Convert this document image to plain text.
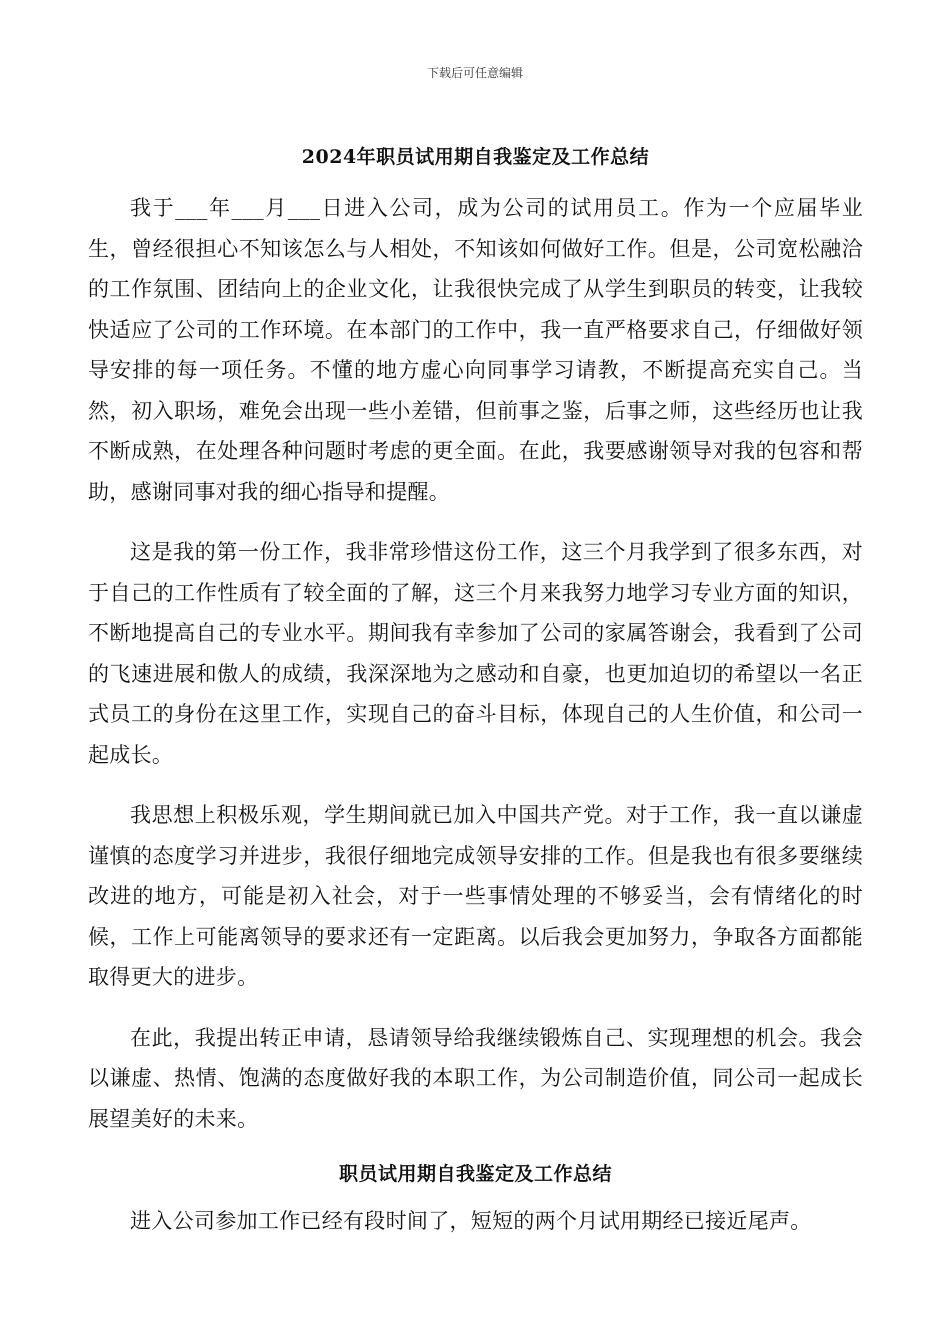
下载后可任意编辑
2024年职员试用期自我鉴定及工作总结

我于___年___月___日进入公司，成为公司的试用员工。作为一个应届毕业生，曾经很担心不知该怎么与人相处，不知该如何做好工作。但是，公司宽松融洽的工作氛围、团结向上的企业文化，让我很快完成了从学生到职员的转变，让我较快适应了公司的工作环境。在本部门的工作中，我一直严格要求自己，仔细做好领导安排的每一项任务。不懂的地方虚心向同事学习请教，不断提高充实自己。当然，初入职场，难免会出现一些小差错，但前事之鉴，后事之师，这些经历也让我不断成熟，在处理各种问题时考虑的更全面。在此，我要感谢领导对我的包容和帮助，感谢同事对我的细心指导和提醒。

这是我的第一份工作，我非常珍惜这份工作，这三个月我学到了很多东西，对于自己的工作性质有了较全面的了解，这三个月来我努力地学习专业方面的知识，不断地提高自己的专业水平。期间我有幸参加了公司的家属答谢会，我看到了公司的飞速进展和傲人的成绩，我深深地为之感动和自豪，也更加迫切的希望以一名正式员工的身份在这里工作，实现自己的奋斗目标，体现自己的人生价值，和公司一起成长。

我思想上积极乐观，学生期间就已加入中国共产党。对于工作，我一直以谦虚谨慎的态度学习并进步，我很仔细地完成领导安排的工作。但是我也有很多要继续改进的地方，可能是初入社会，对于一些事情处理的不够妥当，会有情绪化的时候，工作上可能离领导的要求还有一定距离。以后我会更加努力，争取各方面都能取得更大的进步。

在此，我提出转正申请，恳请领导给我继续锻炼自己、实现理想的机会。我会以谦虚、热情、饱满的态度做好我的本职工作，为公司制造价值，同公司一起成长展望美好的未来。

职员试用期自我鉴定及工作总结

进入公司参加工作已经有段时间了，短短的两个月试用期经已接近尾声。
